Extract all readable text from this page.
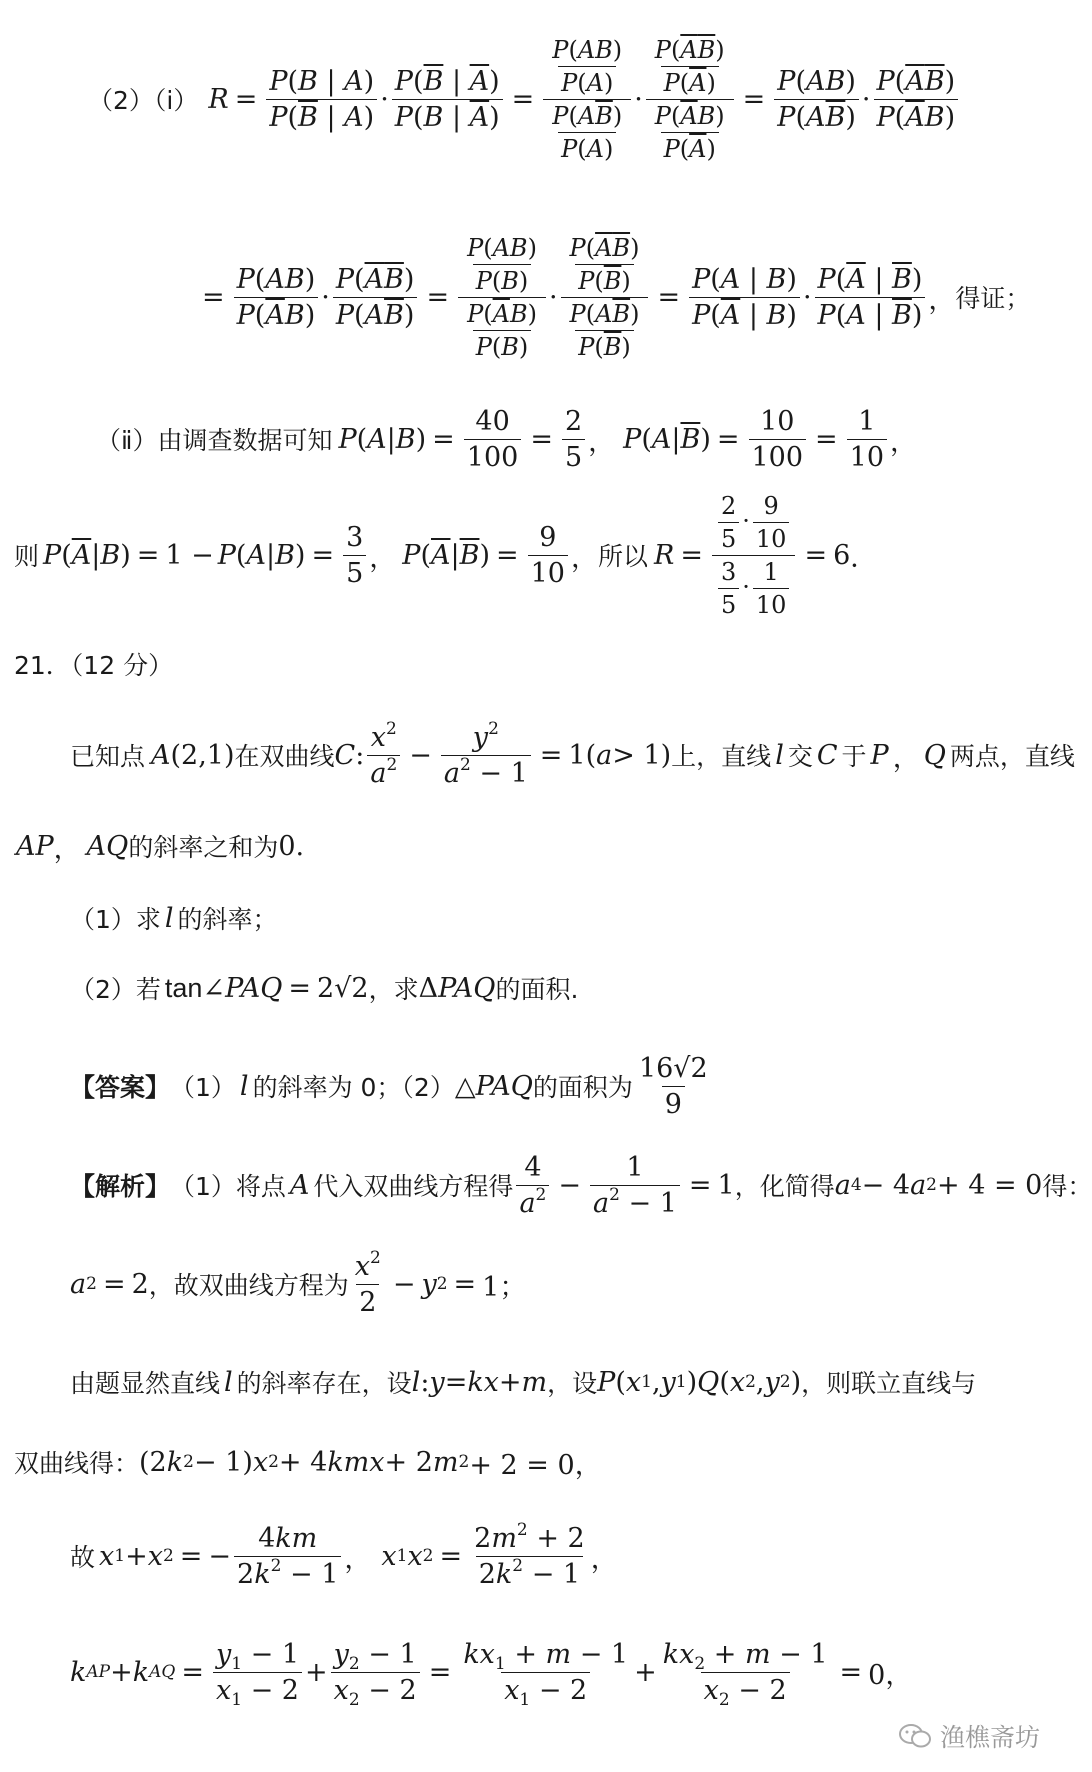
（2）（ⅰ） $R = \frac{P(B | A)}{P(\overline{B} | A)} \cdot \frac{P(\overline{B} | \overline{A})}{P(B | \overline{A})} = \frac{\frac{P(AB)}{P(A)}}{\frac{P(A\overline{B})}{P(A)}} \cdot \frac{\frac{P(\overline{A}\overline{B})}{P(\overline{A})}}{\frac{P(\overline{A}B)}{P(\overline{A})}} = \frac{P(AB)}{P(A\overline{B})} \cdot \frac{P(\overline{A}\overline{B})}{P(\overline{A}B)}$
= $\frac{P(AB)}{P(\overline{A}B)} \cdot \frac{P(\overline{A}\overline{B})}{P(A\overline{B})} = \frac{\frac{P(AB)}{P(B)}}{\frac{P(\overline{A}B)}{P(B)}} \cdot \frac{\frac{P(\overline{A}\overline{B})}{P(\overline{B})}}{\frac{P(A\overline{B})}{P(\overline{B})}} = \frac{P(A | B)}{P(\overline{A} | B)} \cdot \frac{P(\overline{A} | \overline{B})}{P(A | \overline{B})}$ ， 得证；
（ⅱ）由调查数据可知 P ( A | B ) = $\frac{40}{100} = \frac{2}{5}$ ， P ( A | $\overline{B}$ ) = $\frac{10}{100} = \frac{1}{10}$ ，
则 P ( $\overline{A}$ | B ) = 1 − P ( A | B ) = $\frac{3}{5}$ ， P ( $\overline{A}$ | $\overline{B}$ ) = $\frac{9}{10}$ ， 所以 $R = \frac{\frac{2}{5} \cdot \frac{9}{10}}{\frac{3}{5} \cdot \frac{1}{10}} = 6$ ．
21．（12 分）
已知点 A (2,1) 在双曲线 C : $\frac{x^2}{a^2} - \frac{y^2}{a^2 - 1} = 1$( a > 1) 上，直线 l 交 C 于 P ， Q 两点，直线
AP ， AQ 的斜率之和为 0.
（1）求 l 的斜率；
（2）若 tan ∠ PAQ = 2√2 ，求 Δ PAQ 的面积.
【答案】 （1） l 的斜率为 0；（2） △ PAQ 的面积为 $\frac{16√2}{9}$
【解析】 （1）将点 A 代入双曲线方程得 $\frac{4}{a^2} - \frac{1}{a^2 - 1} = 1$ ，化简得 a 4 − 4 a 2 + 4 = 0 得：
a 2 = 2 ，故双曲线方程为 $\frac{x^2}{2} - y$ 2 = 1；
由题显然直线 l 的斜率存在，设 l : y = kx + m ，设 P ( x 1 , y 1 ) Q ( x 2 , y 2 ) ，则联立直线与
双曲线得： (2 k 2 − 1) x 2 + 4 kmx + 2 m 2 + 2 = 0，
故 x 1 + x 2 = − $\frac{4km}{2k^2 - 1}$ ， x 1 x $2 = \frac{2m^2 + 2}{2k^2 - 1}$ ，
k AP + k AQ = $\frac{y_1 - 1}{x_1 - 2} + \frac{y_2 - 1}{x_2 - 2} = \frac{kx_1 + m - 1}{x_1 - 2} + \frac{kx_2 + m - 1}{x_2 - 2} = 0$，
渔樵斋坊
